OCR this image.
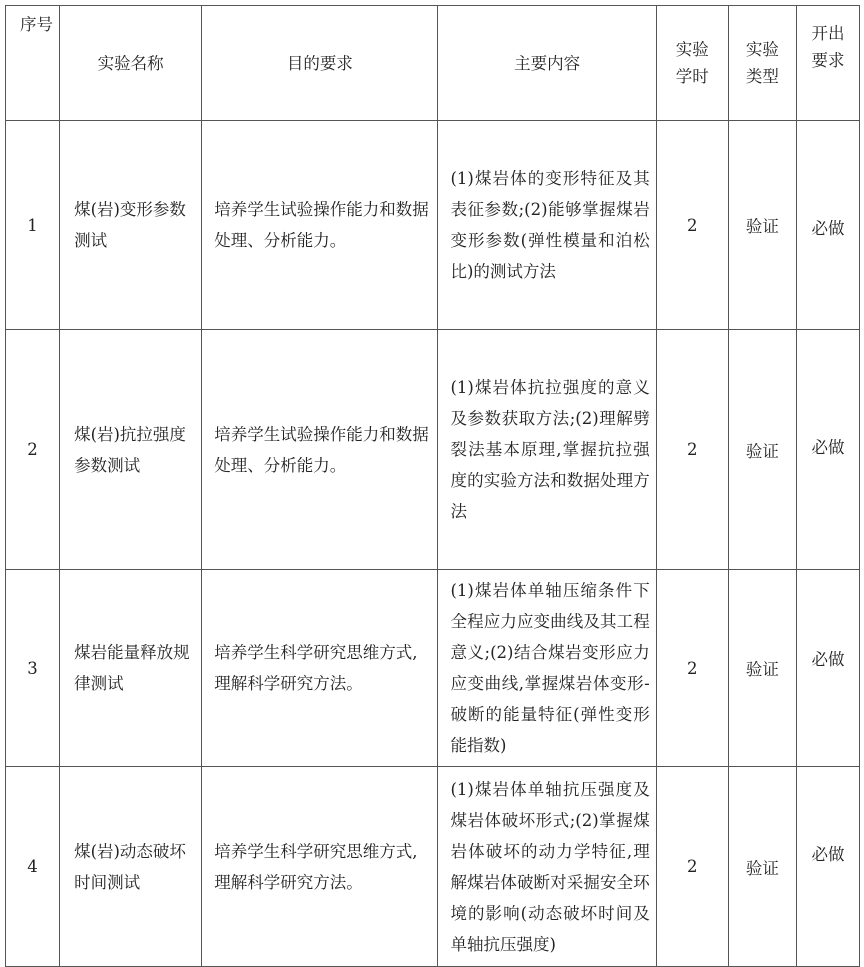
序号	实验名称	目的要求	主要内容	实验学时	实验类型	开出要求
1	煤(岩)变形参数测试	培养学生试验操作能力和数据处理、分析能力。	(1)煤岩体的变形特征及其表征参数;(2)能够掌握煤岩变形参数(弹性模量和泊松比)的测试方法	2	验证	必做
2	煤(岩)抗拉强度参数测试	培养学生试验操作能力和数据处理、分析能力。	(1)煤岩体抗拉强度的意义及参数获取方法;(2)理解劈裂法基本原理,掌握抗拉强度的实验方法和数据处理方法	2	验证	必做
3	煤岩能量释放规律测试	培养学生科学研究思维方式,理解科学研究方法。	(1)煤岩体单轴压缩条件下全程应力应变曲线及其工程意义;(2)结合煤岩变形应力应变曲线,掌握煤岩体变形-破断的能量特征(弹性变形能指数)	2	验证	必做
4	煤(岩)动态破坏时间测试	培养学生科学研究思维方式,理解科学研究方法。	(1)煤岩体单轴抗压强度及煤岩体破坏形式;(2)掌握煤岩体破坏的动力学特征,理解煤岩体破断对采掘安全环境的影响(动态破坏时间及单轴抗压强度)	2	验证	必做
